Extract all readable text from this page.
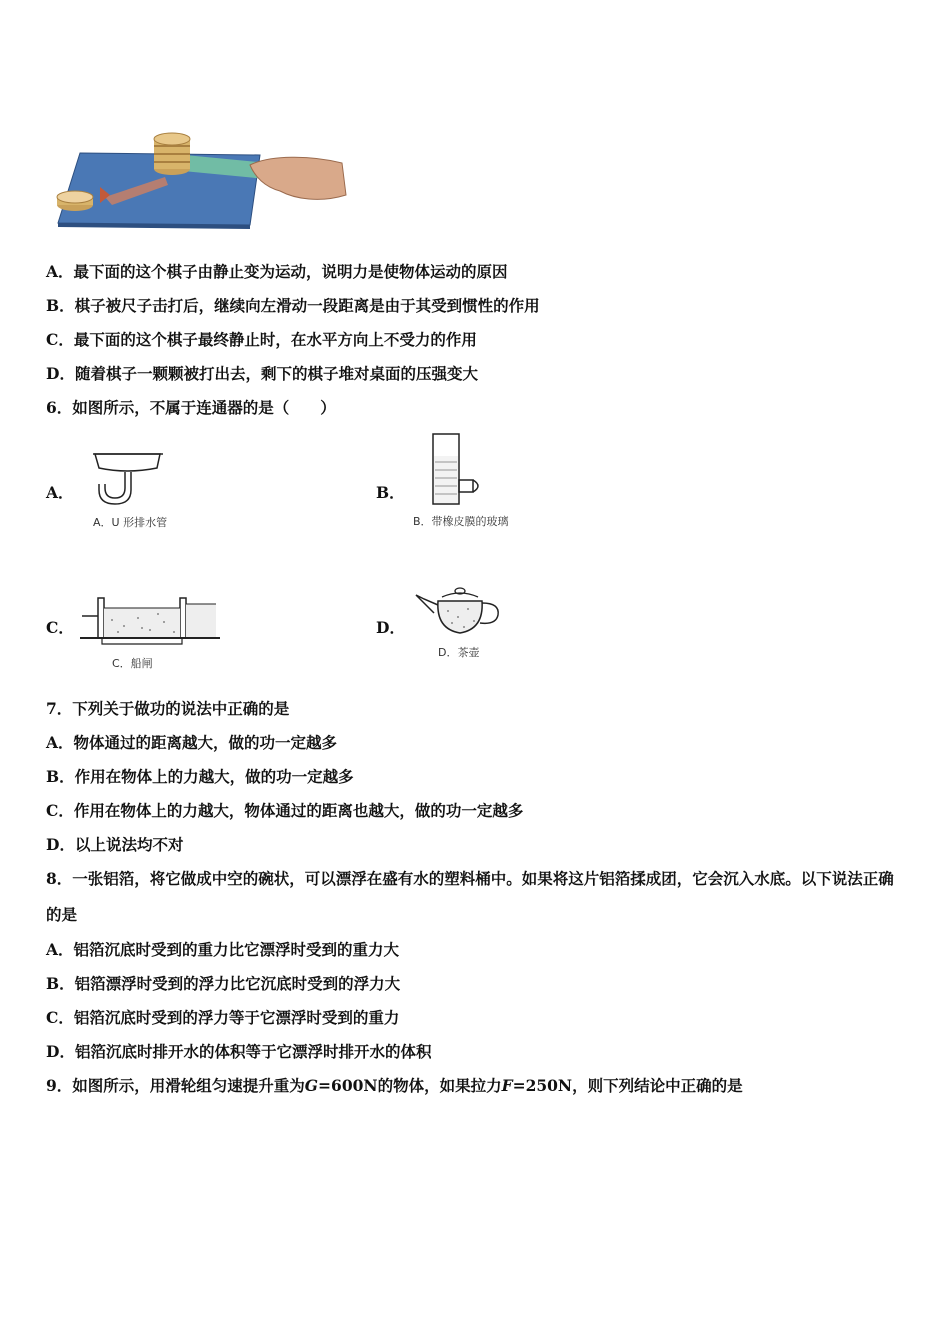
A．最下面的这个棋子由静止变为运动，说明力是使物体运动的原因
B．棋子被尺子击打后，继续向左滑动一段距离是由于其受到惯性的作用
C．最下面的这个棋子最终静止时，在水平方向上不受力的作用
D．随着棋子一颗颗被打出去，剩下的棋子堆对桌面的压强变大
6．如图所示，不属于连通器的是（　　）
A．
A．U 形排水管
B．
B．带橡皮膜的玻璃
C．
C．船闸
D．
D．茶壶
7．下列关于做功的说法中正确的是
A．物体通过的距离越大，做的功一定越多
B．作用在物体上的力越大，做的功一定越多
C．作用在物体上的力越大，物体通过的距离也越大，做的功一定越多
D．以上说法均不对
8．一张铝箔，将它做成中空的碗状，可以漂浮在盛有水的塑料桶中。如果将这片铝箔揉成团，它会沉入水底。以下说法正确的是
A．铝箔沉底时受到的重力比它漂浮时受到的重力大
B．铝箔漂浮时受到的浮力比它沉底时受到的浮力大
C．铝箔沉底时受到的浮力等于它漂浮时受到的重力
D．铝箔沉底时排开水的体积等于它漂浮时排开水的体积
9．如图所示，用滑轮组匀速提升重为G=600N的物体，如果拉力F=250N，则下列结论中正确的是
